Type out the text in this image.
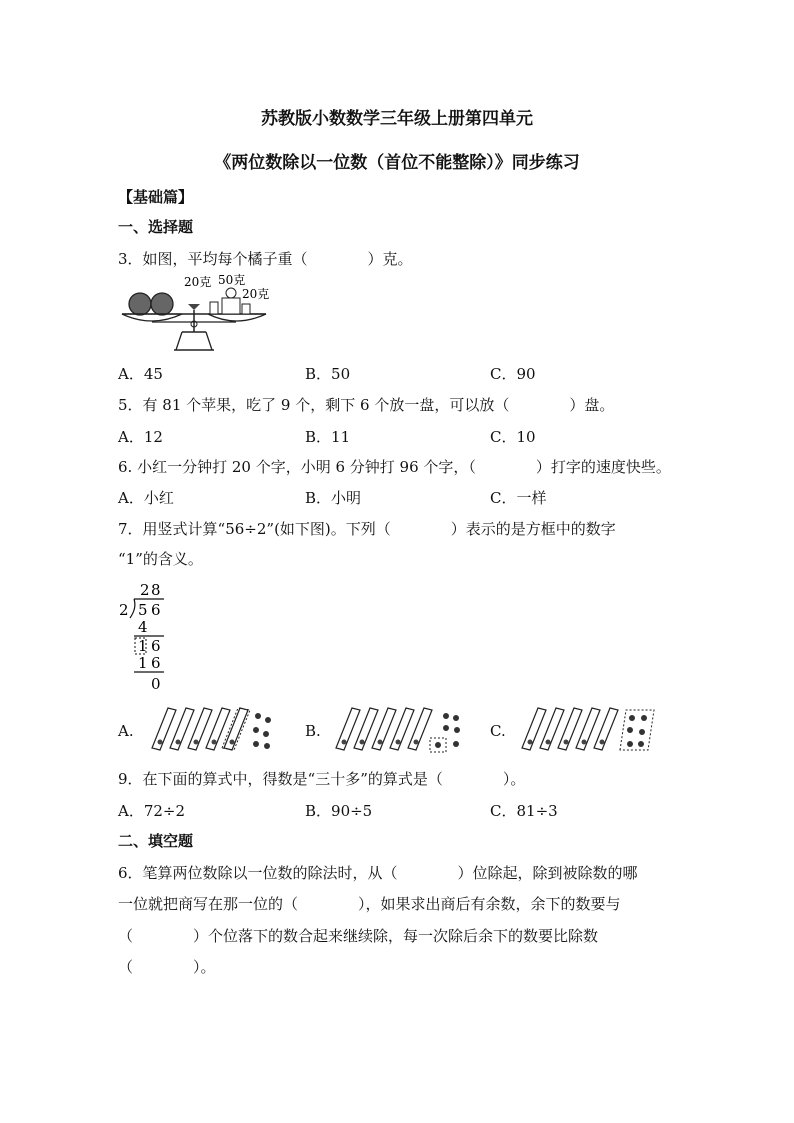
苏教版小数数学三年级上册第四单元
《两位数除以一位数（首位不能整除）》同步练习
【基础篇】
一、选择题
3．如图，平均每个橘子重（　　　　）克。
20克 50克
20克
A．45	B．50	C．90
5．有 81 个苹果，吃了 9 个，剩下 6 个放一盘，可以放（　　　　）盘。
A．12	B．11	C．10
6. 小红一分钟打 20 个字，小明 6 分钟打 96 个字，（　　　　）打字的速度快些。
A．小红	B．小明	C．一样
7．用竖式计算“56÷2”(如下图)。下列（　　　　）表示的是方框中的数字
“1”的含义。
2 8
2 5 6
4
1 6
1 6
0
A.	B.	C.
9．在下面的算式中，得数是“三十多”的算式是（　　　　）。
A．72÷2	B．90÷5	C．81÷3
二、填空题
6．笔算两位数除以一位数的除法时，从（　　　　）位除起，除到被除数的哪
一位就把商写在那一位的（　　　　），如果求出商后有余数，余下的数要与
（　　　　）个位落下的数合起来继续除，每一次除后余下的数要比除数
（　　　　）。
